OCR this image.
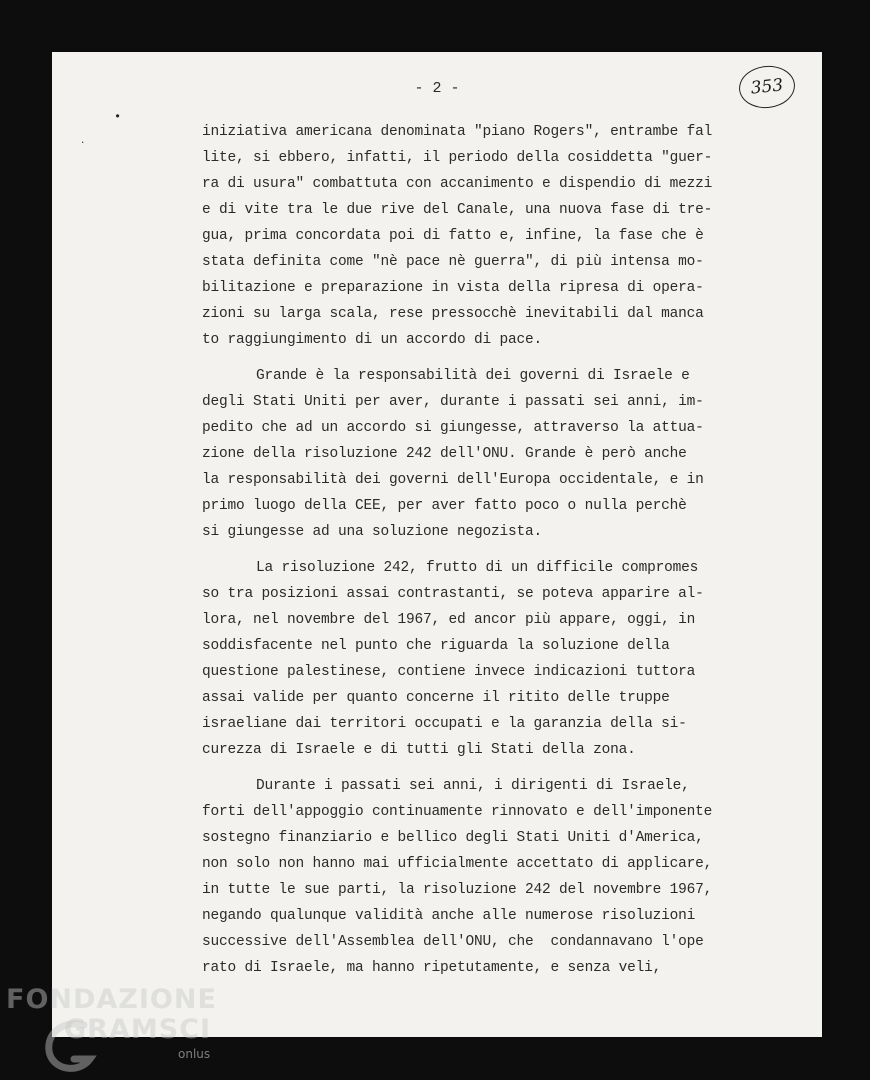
- 2 -	353
•
·
iniziativa americana denominata "piano Rogers", entrambe fal
lite, si ebbero, infatti, il periodo della cosiddetta "guer-
ra di usura" combattuta con accanimento e dispendio di mezzi
e di vite tra le due rive del Canale, una nuova fase di tre-
gua, prima concordata poi di fatto e, infine, la fase che è
stata definita come "nè pace nè guerra", di più intensa mo-
bilitazione e preparazione in vista della ripresa di opera-
zioni su larga scala, rese pressocchè inevitabili dal manca
to raggiungimento di un accordo di pace.
Grande è la responsabilità dei governi di Israele e
degli Stati Uniti per aver, durante i passati sei anni, im-
pedito che ad un accordo si giungesse, attraverso la attua-
zione della risoluzione 242 dell'ONU. Grande è però anche
la responsabilità dei governi dell'Europa occidentale, e in
primo luogo della CEE, per aver fatto poco o nulla perchè
si giungesse ad una soluzione negozista.
La risoluzione 242, frutto di un difficile compromes
so tra posizioni assai contrastanti, se poteva apparire al-
lora, nel novembre del 1967, ed ancor più appare, oggi, in
soddisfacente nel punto che riguarda la soluzione della
questione palestinese, contiene invece indicazioni tuttora
assai valide per quanto concerne il ritito delle truppe
israeliane dai territori occupati e la garanzia della si-
curezza di Israele e di tutti gli Stati della zona.
Durante i passati sei anni, i dirigenti di Israele,
forti dell'appoggio continuamente rinnovato e dell'imponente
sostegno finanziario e bellico degli Stati Uniti d'America,
non solo non hanno mai ufficialmente accettato di applicare,
in tutte le sue parti, la risoluzione 242 del novembre 1967,
negando qualunque validità anche alle numerose risoluzioni
successive dell'Assemblea dell'ONU, che  condannavano l'ope
rato di Israele, ma hanno ripetutamente, e senza veli,
FONDAZIONE
GRAMSCI
onlus
